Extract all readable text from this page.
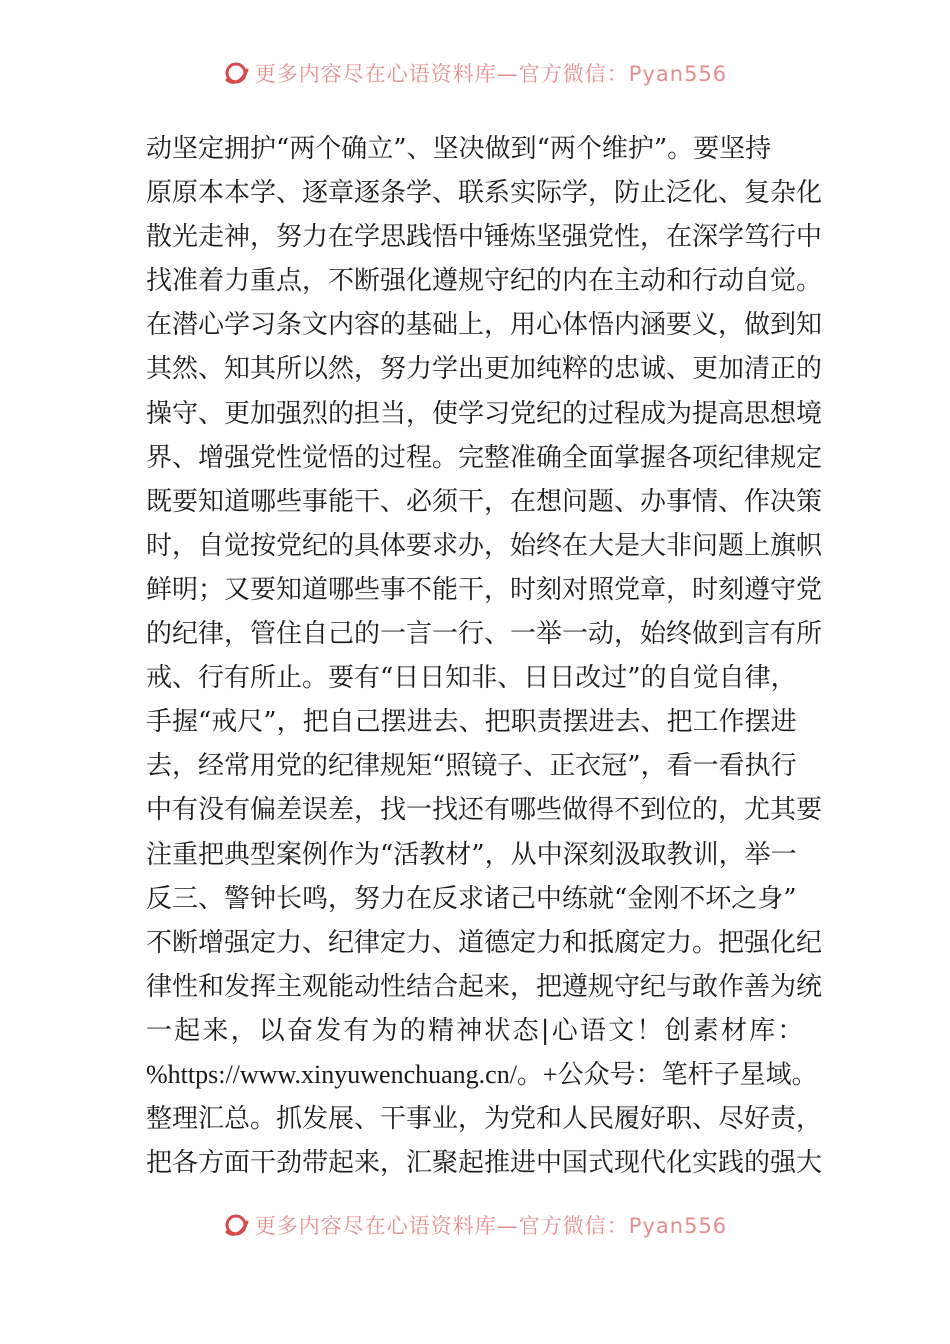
更多内容尽在心语资料库—官方微信：Pyan556
动坚定拥护“两个确立”、坚决做到“两个维护”。要坚持
原原本本学、逐章逐条学、联系实际学，防止泛化、复杂化
散光走神，努力在学思践悟中锤炼坚强党性，在深学笃行中
找准着力重点，不断强化遵规守纪的内在主动和行动自觉。
在潜心学习条文内容的基础上，用心体悟内涵要义，做到知
其然、知其所以然，努力学出更加纯粹的忠诚、更加清正的
操守、更加强烈的担当，使学习党纪的过程成为提高思想境
界、增强党性觉悟的过程。完整准确全面掌握各项纪律规定
既要知道哪些事能干、必须干，在想问题、办事情、作决策
时，自觉按党纪的具体要求办，始终在大是大非问题上旗帜
鲜明；又要知道哪些事不能干，时刻对照党章，时刻遵守党
的纪律，管住自己的一言一行、一举一动，始终做到言有所
戒、行有所止。要有“日日知非、日日改过”的自觉自律，
手握“戒尺”，把自己摆进去、把职责摆进去、把工作摆进
去，经常用党的纪律规矩“照镜子、正衣冠”，看一看执行
中有没有偏差误差，找一找还有哪些做得不到位的，尤其要
注重把典型案例作为“活教材”，从中深刻汲取教训，举一
反三、警钟长鸣，努力在反求诸己中练就“金刚不坏之身”
不断增强定力、纪律定力、道德定力和抵腐定力。把强化纪
律性和发挥主观能动性结合起来，把遵规守纪与敢作善为统
一起来，以奋发有为的精神状态|心语文！创素材库：
%https://www.xinyuwenchuang.cn/。+公众号：笔杆子星域。
整理汇总。抓发展、干事业，为党和人民履好职、尽好责，
把各方面干劲带起来，汇聚起推进中国式现代化实践的强大
更多内容尽在心语资料库—官方微信：Pyan556
